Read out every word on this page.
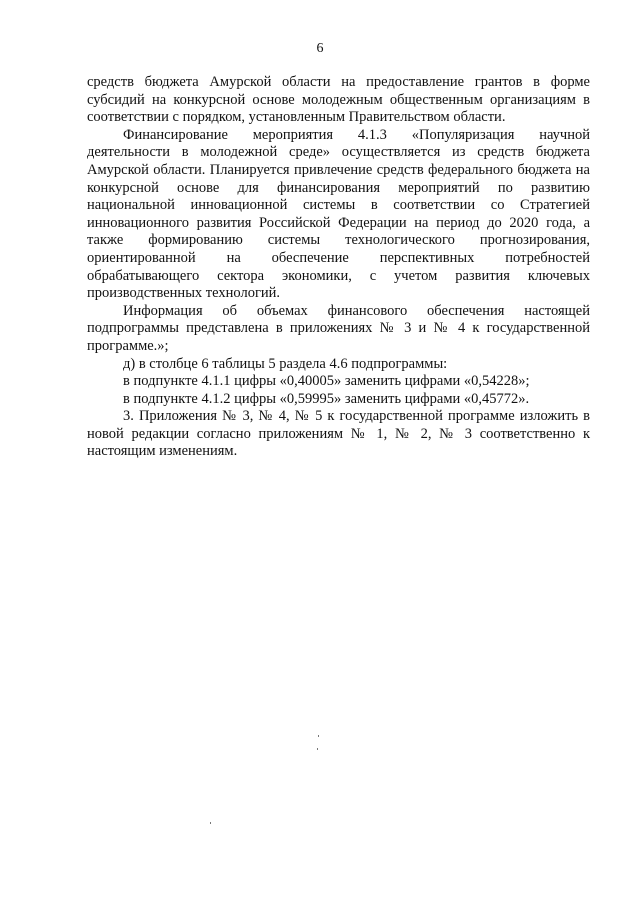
6

средств бюджета Амурской области на предоставление грантов в форме субсидий на конкурсной основе молодежным общественным организациям в соответствии с порядком, установленным Правительством области.

Финансирование мероприятия 4.1.3 «Популяризация научной деятельности в молодежной среде» осуществляется из средств бюджета Амурской области. Планируется привлечение средств федерального бюджета на конкурсной основе для финансирования мероприятий по развитию национальной инновационной системы в соответствии со Стратегией инновационного развития Российской Федерации на период до 2020 года, а также формированию системы технологического прогнозирования, ориентированной на обеспечение перспективных потребностей обрабатывающего сектора экономики, с учетом развития ключевых производственных технологий.

Информация об объемах финансового обеспечения настоящей подпрограммы представлена в приложениях № 3 и № 4 к государственной программе.»;

д) в столбце 6 таблицы 5 раздела 4.6 подпрограммы:

в подпункте 4.1.1 цифры «0,40005» заменить цифрами «0,54228»;

в подпункте 4.1.2 цифры «0,59995» заменить цифрами «0,45772».

3. Приложения № 3, № 4, № 5 к государственной программе изложить в новой редакции согласно приложениям № 1, № 2, № 3 соответственно к настоящим изменениям.
